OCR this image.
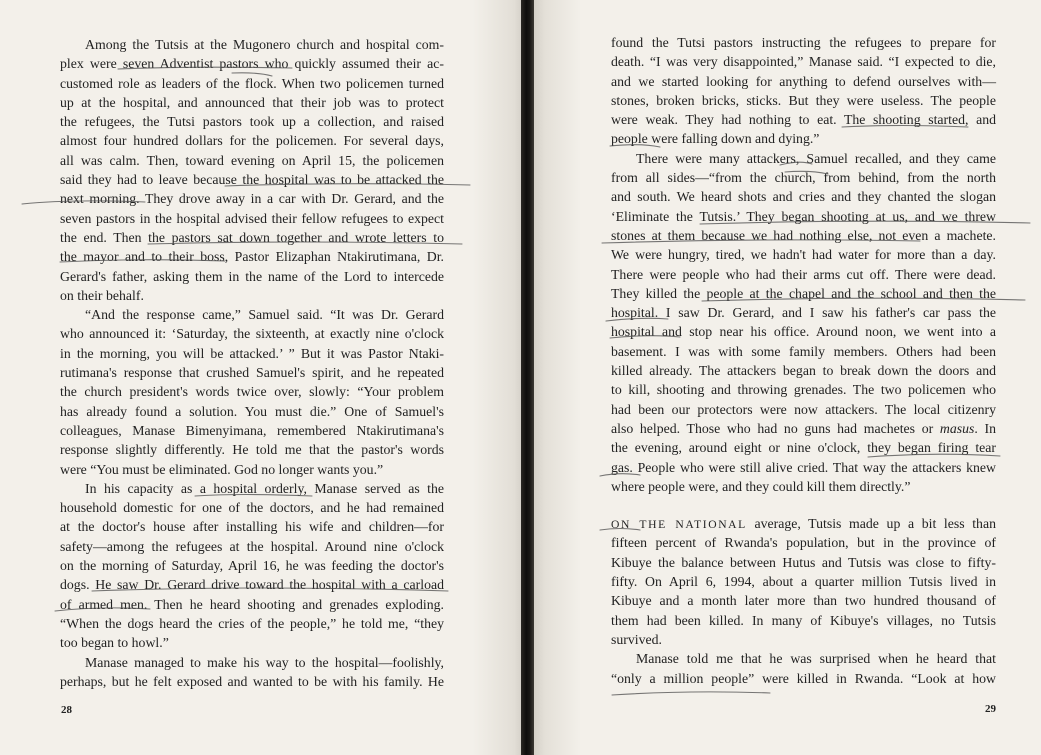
Among the Tutsis at the Mugonero church and hospital com-
plex were seven Adventist pastors who quickly assumed their ac-
customed role as leaders of the flock. When two policemen turned
up at the hospital, and announced that their job was to protect
the refugees, the Tutsi pastors took up a collection, and raised
almost four hundred dollars for the policemen. For several days,
all was calm. Then, toward evening on April 15, the policemen
said they had to leave because the hospital was to be attacked the
next morning. They drove away in a car with Dr. Gerard, and the
seven pastors in the hospital advised their fellow refugees to expect
the end. Then the pastors sat down together and wrote letters to
the mayor and to their boss, Pastor Elizaphan Ntakirutimana, Dr.
Gerard's father, asking them in the name of the Lord to intercede
on their behalf.
“And the response came,” Samuel said. “It was Dr. Gerard
who announced it: ‘Saturday, the sixteenth, at exactly nine o'clock
in the morning, you will be attacked.’ ” But it was Pastor Ntaki-
rutimana's response that crushed Samuel's spirit, and he repeated
the church president's words twice over, slowly: “Your problem
has already found a solution. You must die.” One of Samuel's
colleagues, Manase Bimenyimana, remembered Ntakirutimana's
response slightly differently. He told me that the pastor's words
were “You must be eliminated. God no longer wants you.”
In his capacity as a hospital orderly, Manase served as the
household domestic for one of the doctors, and he had remained
at the doctor's house after installing his wife and children—for
safety—among the refugees at the hospital. Around nine o'clock
on the morning of Saturday, April 16, he was feeding the doctor's
dogs. He saw Dr. Gerard drive toward the hospital with a carload
of armed men. Then he heard shooting and grenades exploding.
“When the dogs heard the cries of the people,” he told me, “they
too began to howl.”
Manase managed to make his way to the hospital—foolishly,
perhaps, but he felt exposed and wanted to be with his family. He
found the Tutsi pastors instructing the refugees to prepare for
death. “I was very disappointed,” Manase said. “I expected to die,
and we started looking for anything to defend ourselves with—
stones, broken bricks, sticks. But they were useless. The people
were weak. They had nothing to eat. The shooting started, and
people were falling down and dying.”
There were many attackers, Samuel recalled, and they came
from all sides—“from the church, from behind, from the north
and south. We heard shots and cries and they chanted the slogan
‘Eliminate the Tutsis.’ They began shooting at us, and we threw
stones at them because we had nothing else, not even a machete.
We were hungry, tired, we hadn't had water for more than a day.
There were people who had their arms cut off. There were dead.
They killed the people at the chapel and the school and then the
hospital. I saw Dr. Gerard, and I saw his father's car pass the
hospital and stop near his office. Around noon, we went into a
basement. I was with some family members. Others had been
killed already. The attackers began to break down the doors and
to kill, shooting and throwing grenades. The two policemen who
had been our protectors were now attackers. The local citizenry
also helped. Those who had no guns had machetes or masus. In
the evening, around eight or nine o'clock, they began firing tear
gas. People who were still alive cried. That way the attackers knew
where people were, and they could kill them directly.”
ON THE NATIONAL average, Tutsis made up a bit less than
fifteen percent of Rwanda's population, but in the province of
Kibuye the balance between Hutus and Tutsis was close to fifty-
fifty. On April 6, 1994, about a quarter million Tutsis lived in
Kibuye and a month later more than two hundred thousand of
them had been killed. In many of Kibuye's villages, no Tutsis
survived.
Manase told me that he was surprised when he heard that
“only a million people” were killed in Rwanda. “Look at how
28	29
